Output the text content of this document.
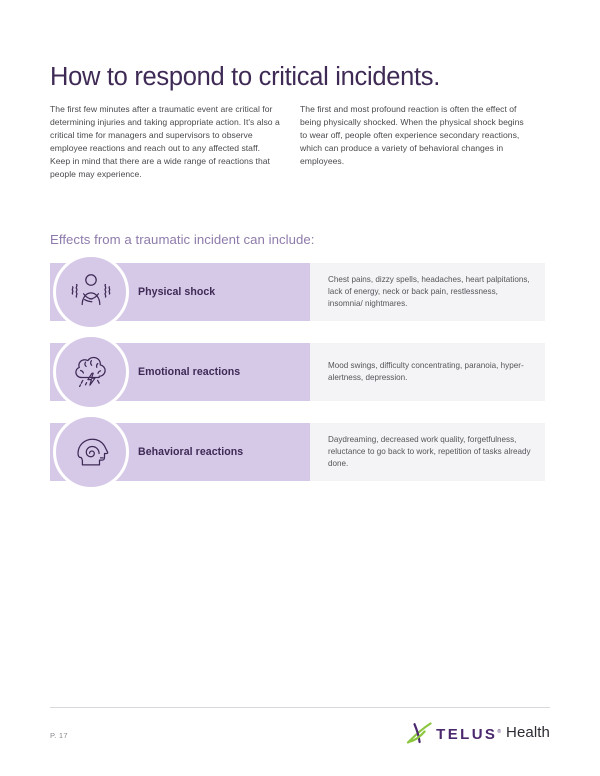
How to respond to critical incidents.
The first few minutes after a traumatic event are critical for determining injuries and taking appropriate action. It's also a critical time for managers and supervisors to observe employee reactions and reach out to any affected staff. Keep in mind that there are a wide range of reactions that people may experience.
The first and most profound reaction is often the effect of being physically shocked. When the physical shock begins to wear off, people often experience secondary reactions, which can produce a variety of behavioral changes in employees.
Effects from a traumatic incident can include:
Physical shock
Chest pains, dizzy spells, headaches, heart palpitations, lack of energy, neck or back pain, restlessness, insomnia/ nightmares.
Emotional reactions
Mood swings, difficulty concentrating, paranoia, hyper-alertness, depression.
Behavioral reactions
Daydreaming, decreased work quality, forgetfulness, reluctance to go back to work, repetition of tasks already done.
P. 17	TELUS® Health
